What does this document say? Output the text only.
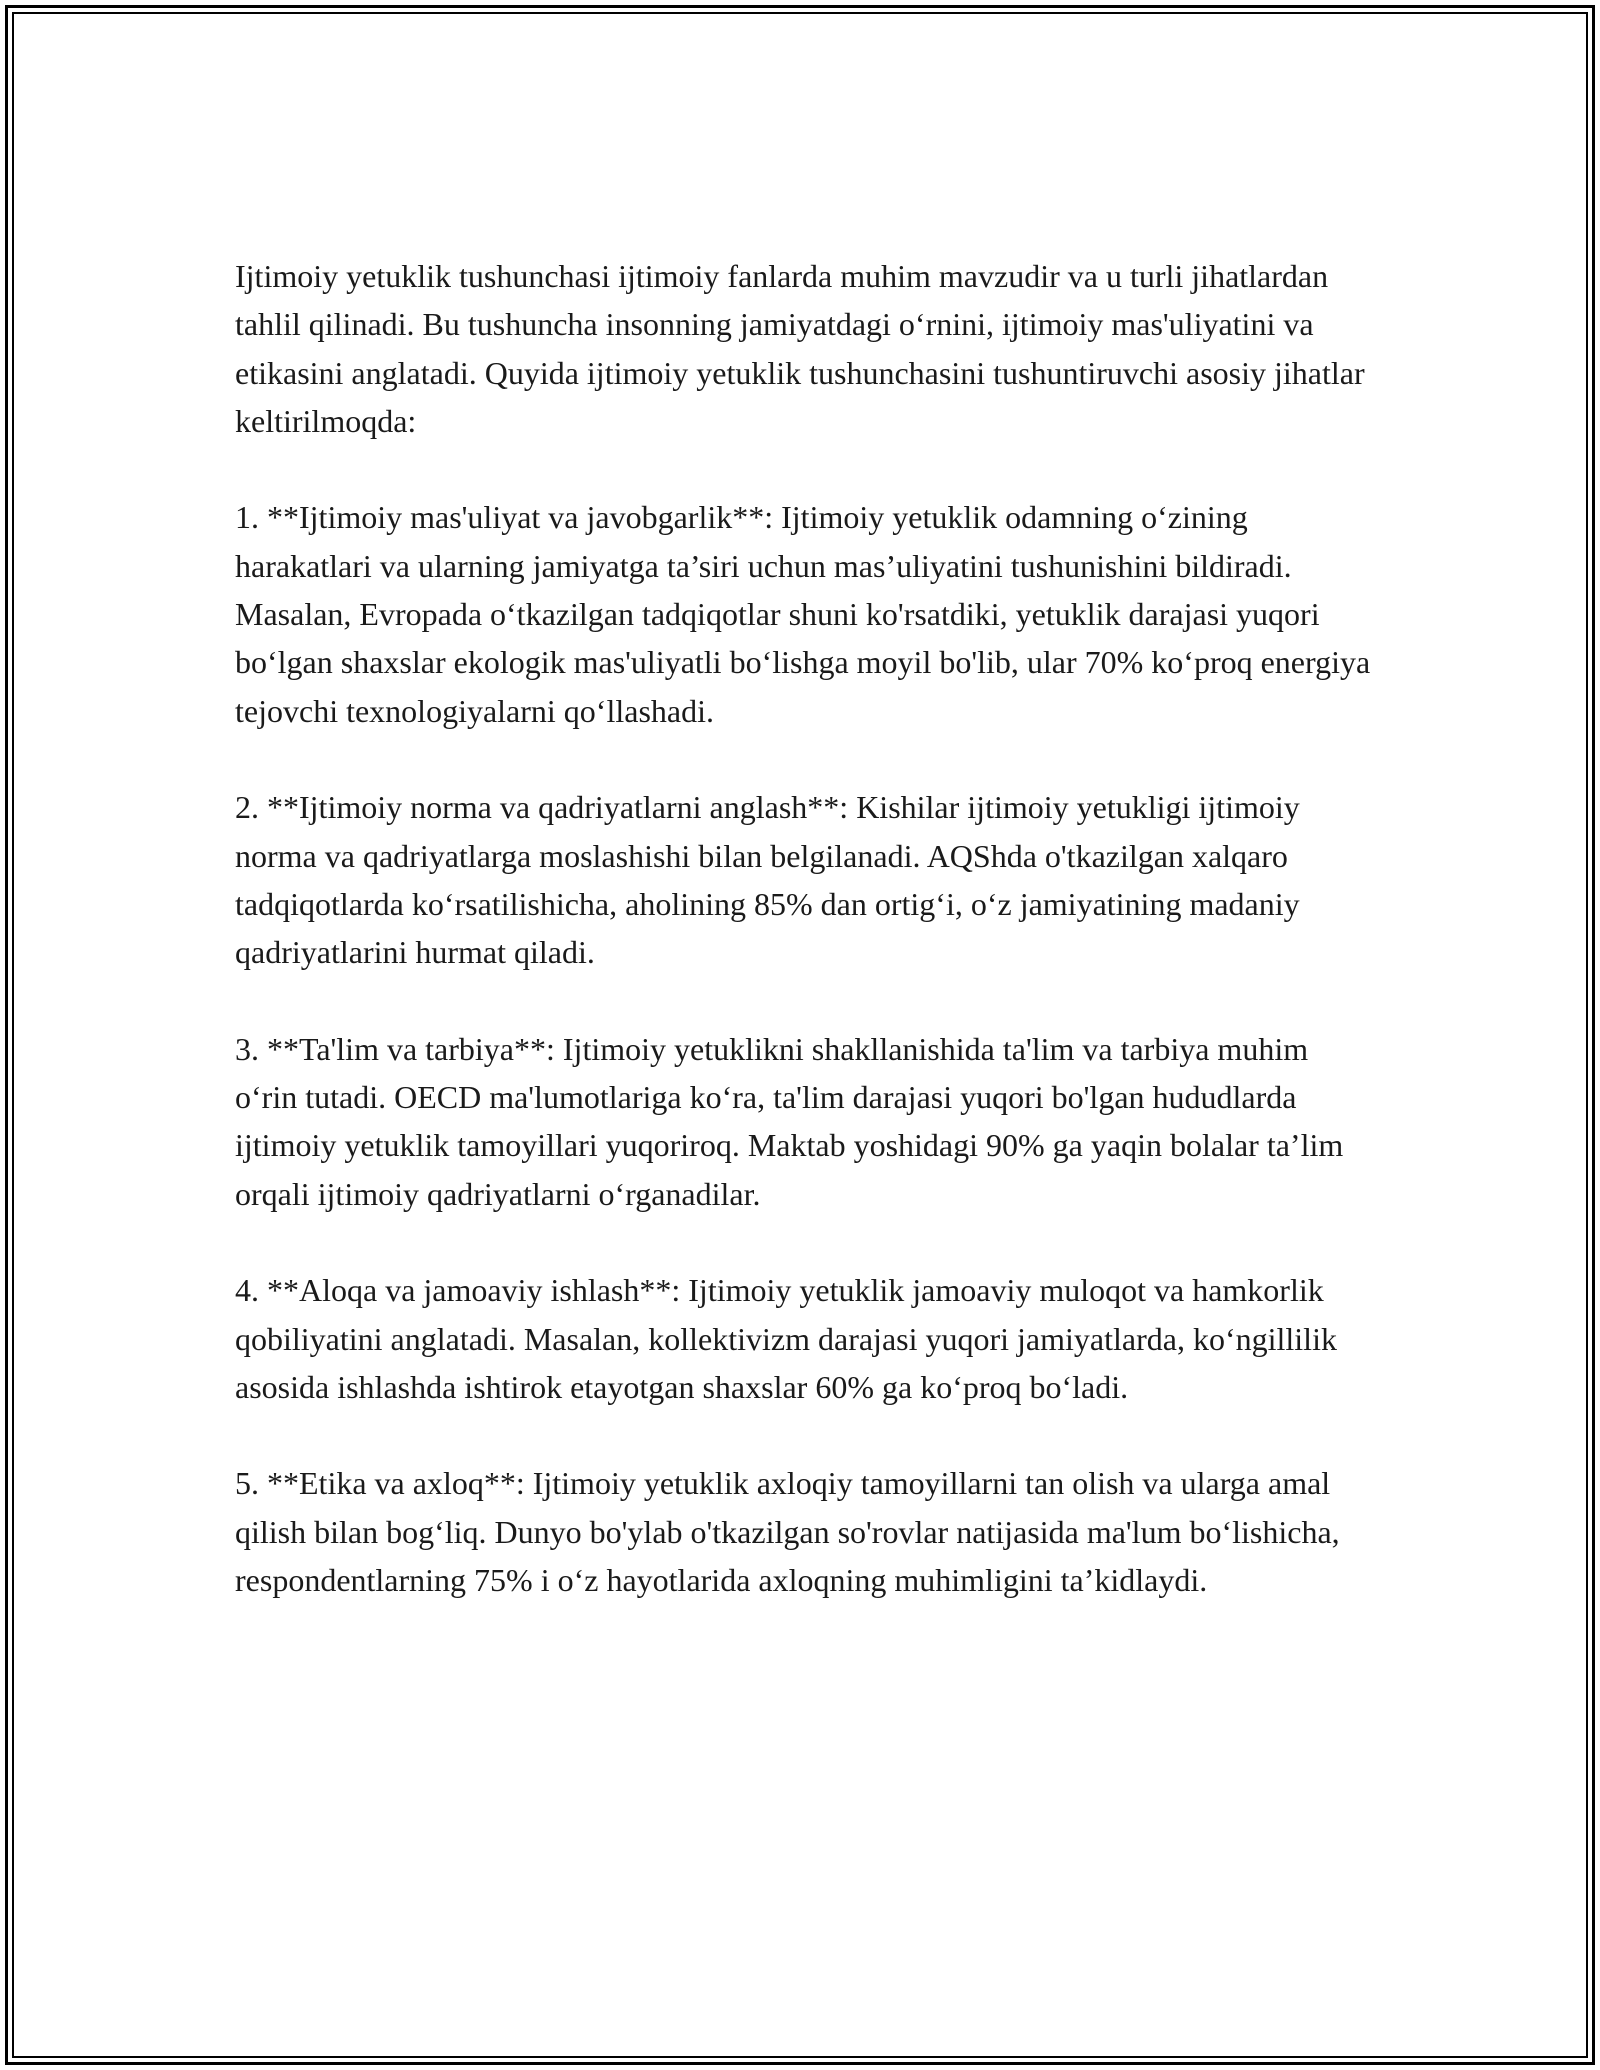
Ijtimoiy yetuklik tushunchasi ijtimoiy fanlarda muhim mavzudir va u turli jihatlardan tahlil qilinadi. Bu tushuncha insonning jamiyatdagi o‘rnini, ijtimoiy mas'uliyatini va etikasini anglatadi. Quyida ijtimoiy yetuklik tushunchasini tushuntiruvchi asosiy jihatlar keltirilmoqda:

1. **Ijtimoiy mas'uliyat va javobgarlik**: Ijtimoiy yetuklik odamning o‘zining harakatlari va ularning jamiyatga ta’siri uchun mas’uliyatini tushunishini bildiradi. Masalan, Evropada o‘tkazilgan tadqiqotlar shuni ko'rsatdiki, yetuklik darajasi yuqori bo‘lgan shaxslar ekologik mas'uliyatli bo‘lishga moyil bo'lib, ular 70% ko‘proq energiya tejovchi texnologiyalarni qo‘llashadi.

2. **Ijtimoiy norma va qadriyatlarni anglash**: Kishilar ijtimoiy yetukligi ijtimoiy norma va qadriyatlarga moslashishi bilan belgilanadi. AQShda o'tkazilgan xalqaro tadqiqotlarda ko‘rsatilishicha, aholining 85% dan ortig‘i, o‘z jamiyatining madaniy qadriyatlarini hurmat qiladi.

3. **Ta'lim va tarbiya**: Ijtimoiy yetuklikni shakllanishida ta'lim va tarbiya muhim o‘rin tutadi. OECD ma'lumotlariga ko‘ra, ta'lim darajasi yuqori bo'lgan hududlarda ijtimoiy yetuklik tamoyillari yuqoriroq. Maktab yoshidagi 90% ga yaqin bolalar ta’lim orqali ijtimoiy qadriyatlarni o‘rganadilar.

4. **Aloqa va jamoaviy ishlash**: Ijtimoiy yetuklik jamoaviy muloqot va hamkorlik qobiliyatini anglatadi. Masalan, kollektivizm darajasi yuqori jamiyatlarda, ko‘ngillilik asosida ishlashda ishtirok etayotgan shaxslar 60% ga ko‘proq bo‘ladi.

5. **Etika va axloq**: Ijtimoiy yetuklik axloqiy tamoyillarni tan olish va ularga amal qilish bilan bog‘liq. Dunyo bo'ylab o'tkazilgan so'rovlar natijasida ma'lum bo‘lishicha, respondentlarning 75% i o‘z hayotlarida axloqning muhimligini ta’kidlaydi.
